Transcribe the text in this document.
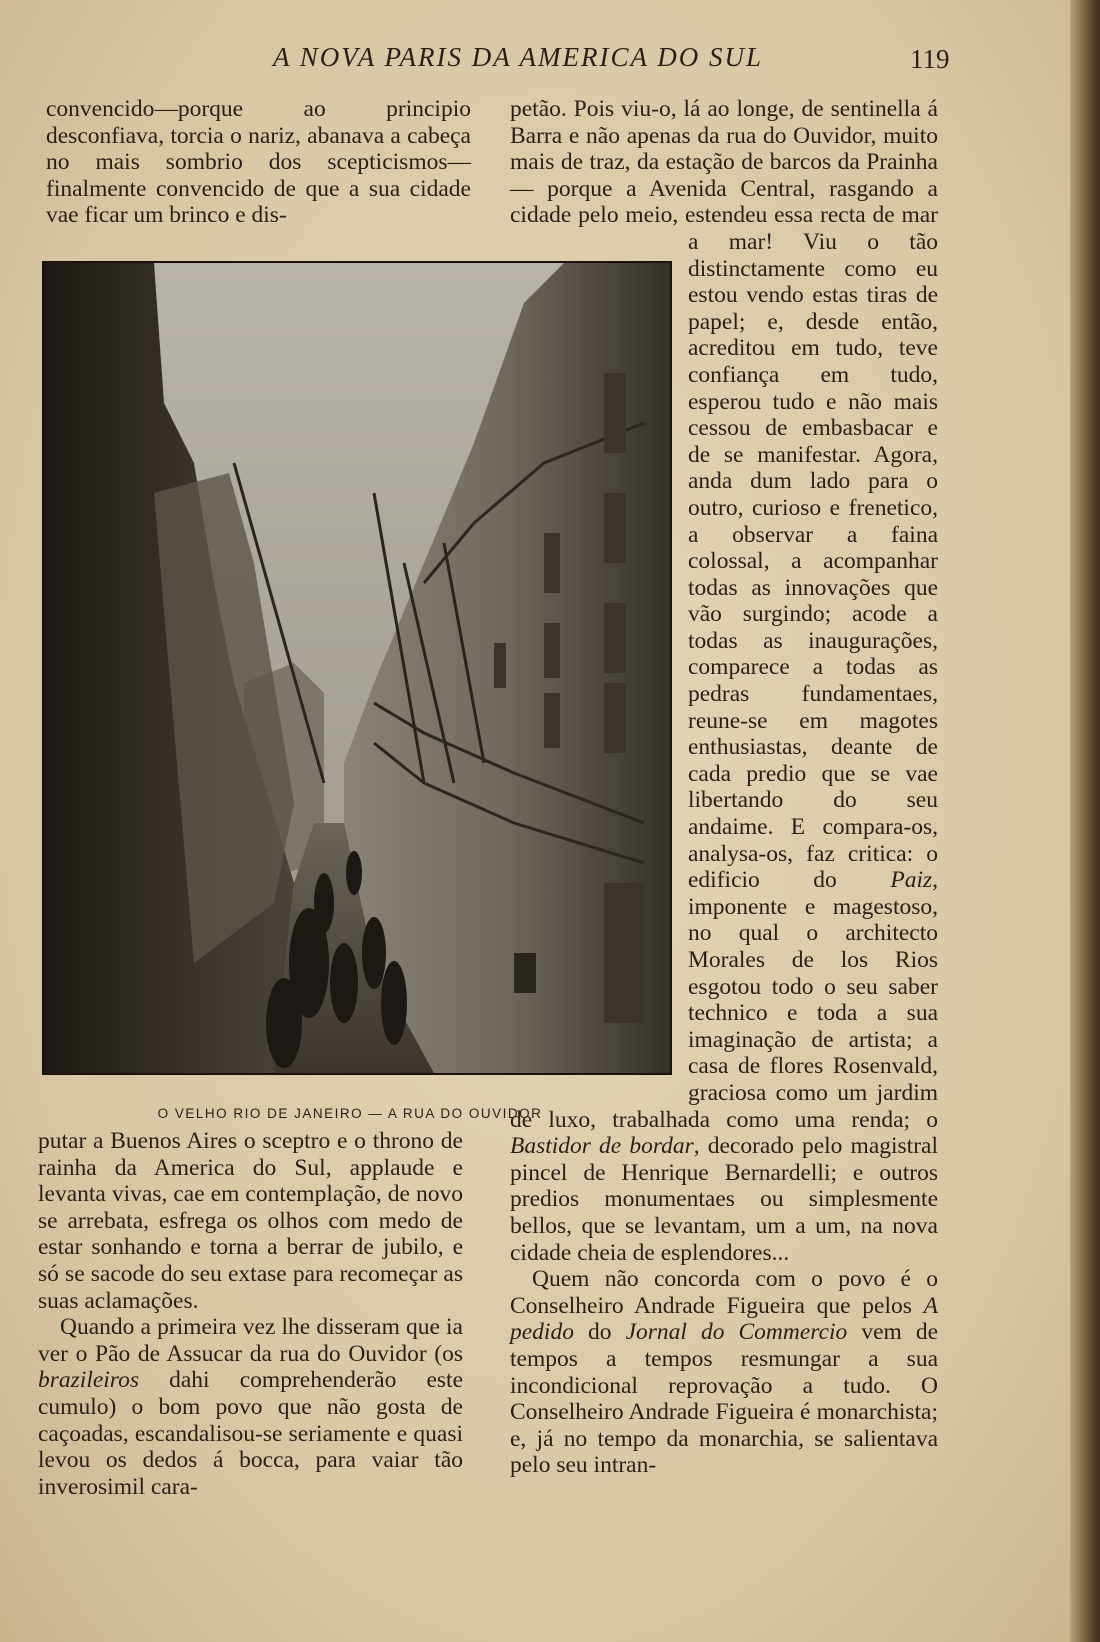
A NOVA PARIS DA AMERICA DO SUL	119

convencido—porque ao principio desconfiava, torcia o nariz, abanava a cabeça no mais sombrio dos scepticismos—finalmente convencido de que a sua cidade vae ficar um brinco e dis-

petão. Pois viu-o, lá ao longe, de sentinella á Barra e não apenas da rua do Ouvidor, muito mais de traz, da estação de barcos da Prainha — porque a Avenida Central, rasgando a cidade pelo meio, estendeu essa recta de mar a mar! Viu o tão distinctamente como eu estou vendo estas tiras de papel; e, desde então, acreditou em tudo, teve confiança em tudo, esperou tudo e não mais cessou de embasbacar e de se manifestar. Agora, anda dum lado para o outro, curioso e frenetico, a observar a faina colossal, a acompanhar todas as innovações que vão surgindo; acode a todas as inaugurações, comparece a todas as pedras fundamentaes, reune-se em magotes enthusiastas, deante de cada predio que se vae libertando do seu andaime. E compara-os, analysa-os, faz critica: o edificio do Paiz, imponente e magestoso, no qual o architecto Morales de los Rios esgotou todo o seu saber technico e toda a sua imaginação de artista; a casa de flores Rosenvald, graciosa como um jardim de luxo, trabalhada como uma renda; o Bastidor de bordar, decorado pelo magistral pincel de Henrique Bernardelli; e outros predios monumentaes ou simplesmente bellos, que se levantam, um a um, na nova cidade cheia de esplendores...

Quem não concorda com o povo é o Conselheiro Andrade Figueira que pelos A pedido do Jornal do Commercio vem de tempos a tempos resmungar a sua incondicional reprovação a tudo. O Conselheiro Andrade Figueira é monarchista; e, já no tempo da monarchia, se salientava pelo seu intran-

O VELHO RIO DE JANEIRO — A RUA DO OUVIDOR

putar a Buenos Aires o sceptro e o throno de rainha da America do Sul, applaude e levanta vivas, cae em contemplação, de novo se arrebata, esfrega os olhos com medo de estar sonhando e torna a berrar de jubilo, e só se sacode do seu extase para recomeçar as suas aclamações.

Quando a primeira vez lhe disseram que ia ver o Pão de Assucar da rua do Ouvidor (os brazileiros dahi comprehenderão este cumulo) o bom povo que não gosta de caçoadas, escandalisou-se seriamente e quasi levou os dedos á bocca, para vaiar tão inverosimil cara-
